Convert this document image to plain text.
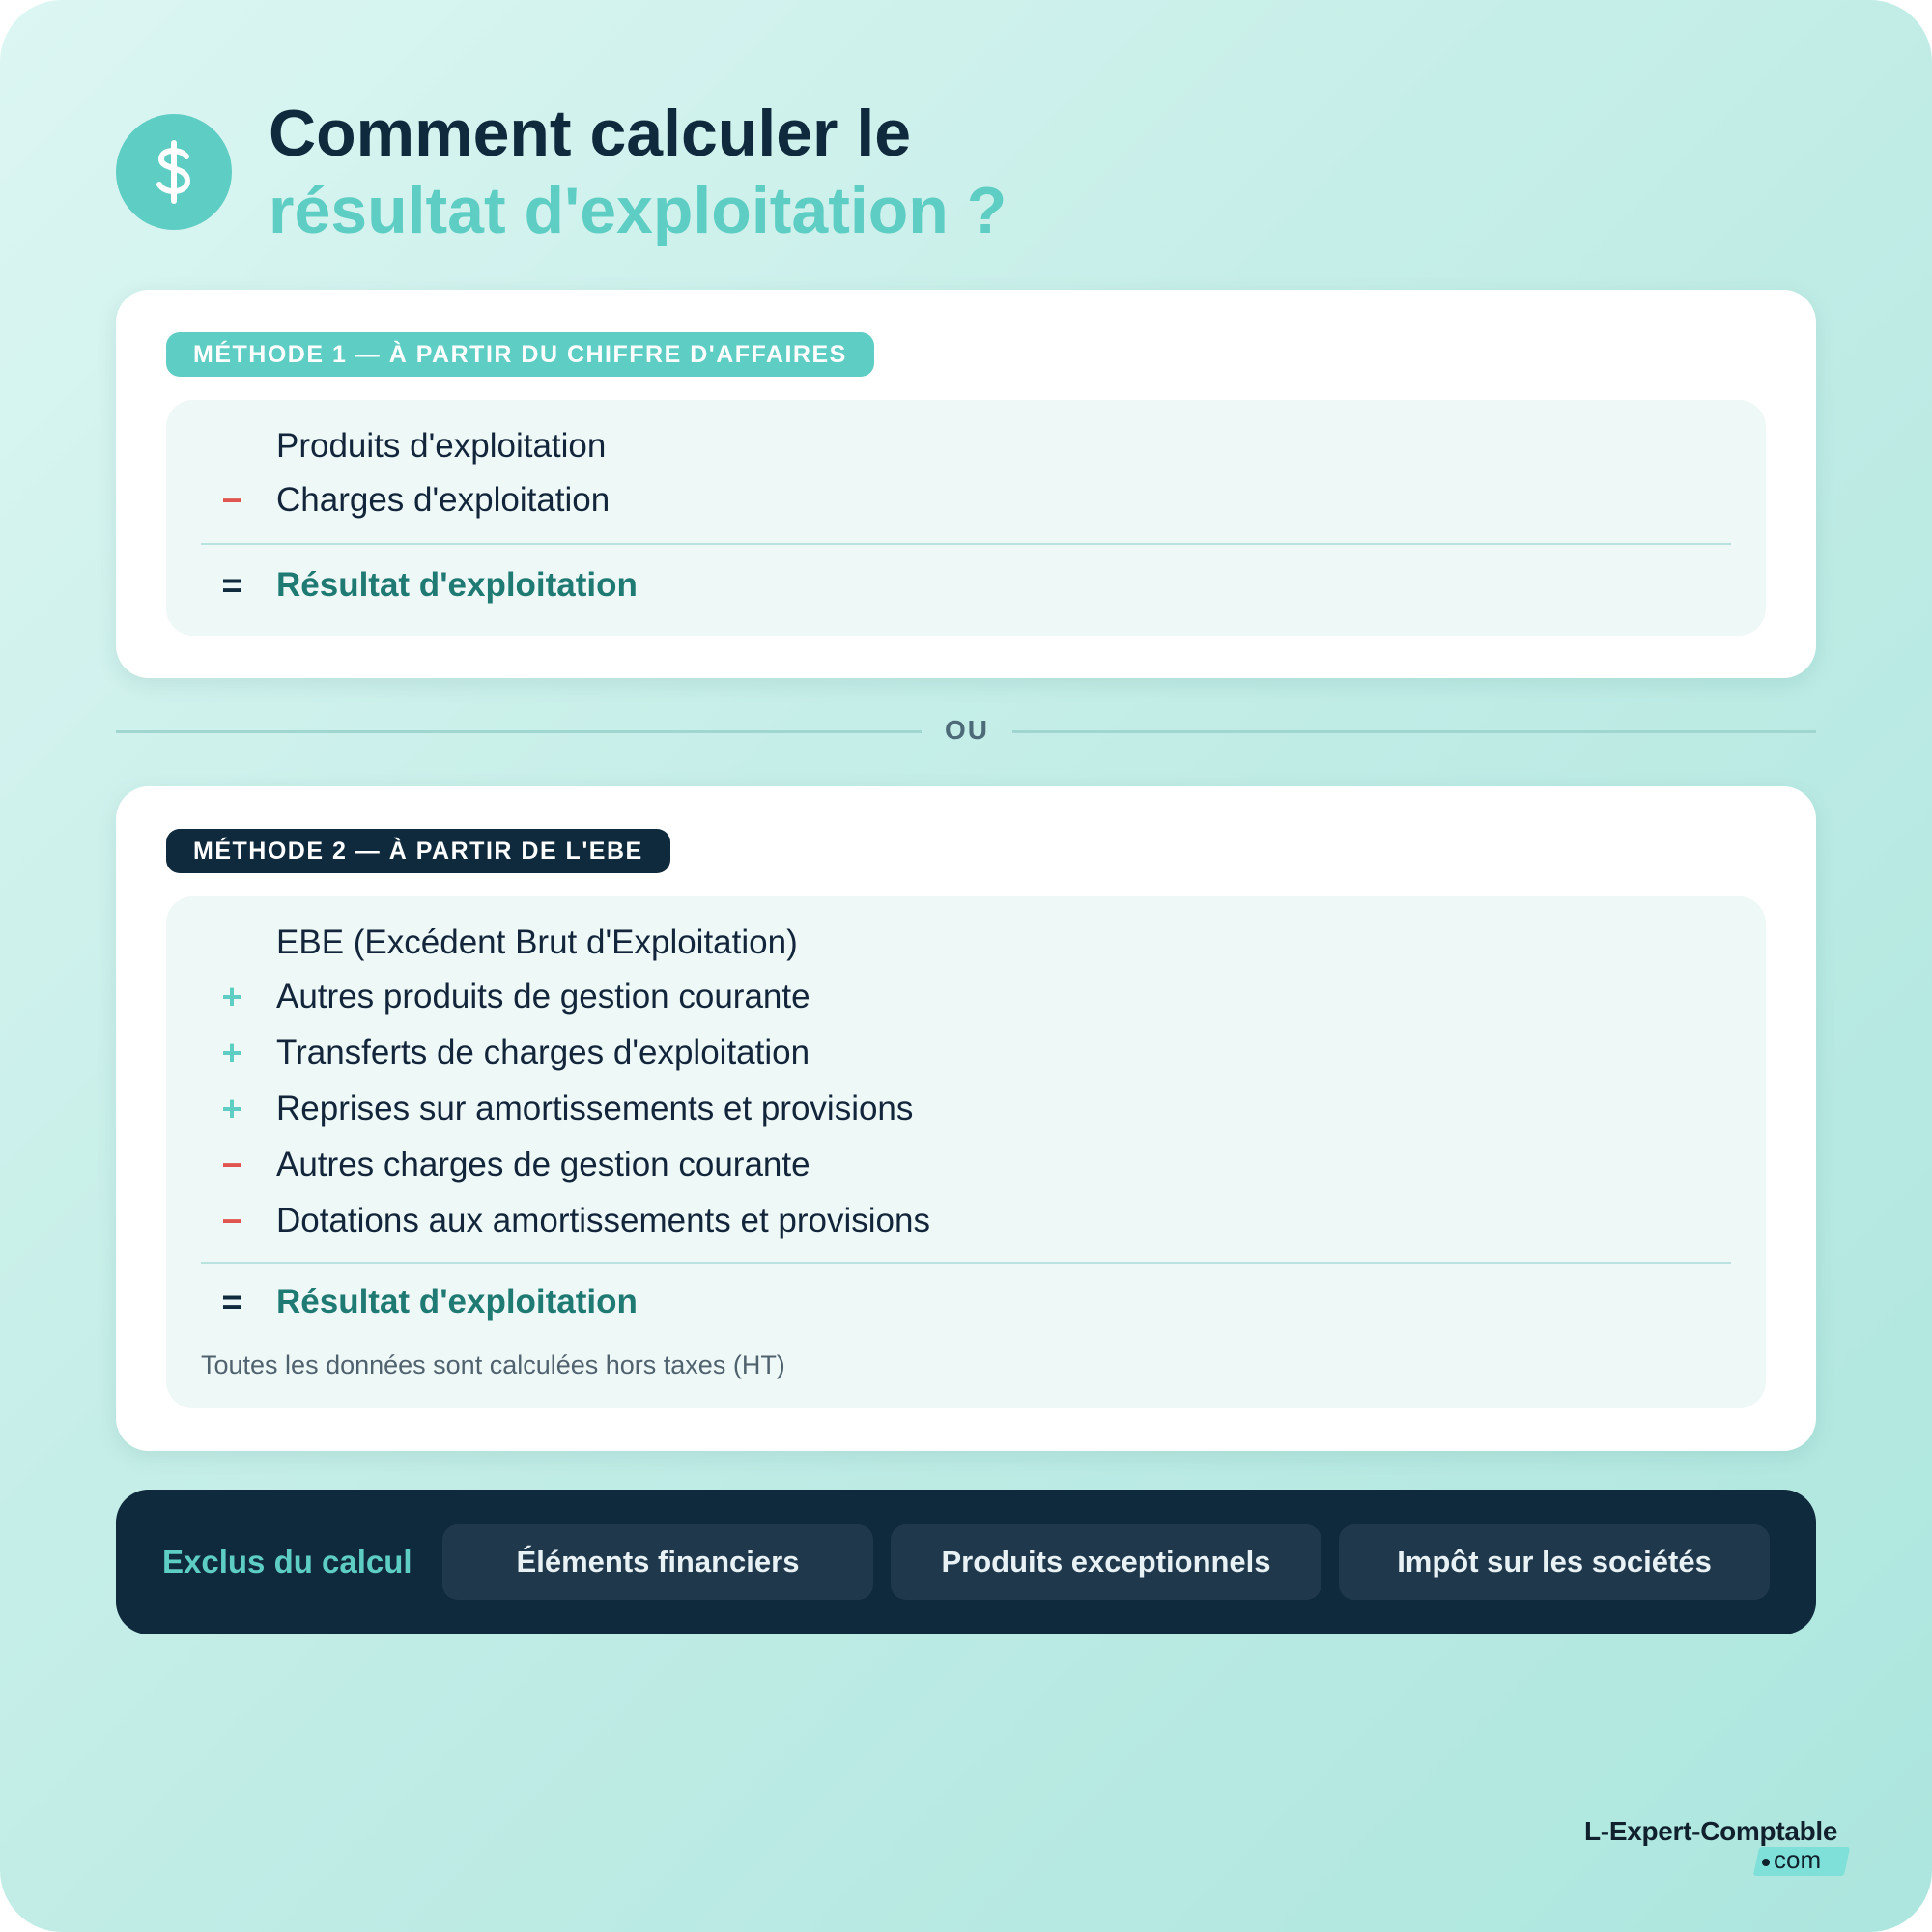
Comment calculer le
résultat d'exploitation ?
MÉTHODE 1 — À PARTIR DU CHIFFRE D'AFFAIRES
Produits d'exploitation
−	Charges d'exploitation
=	Résultat d'exploitation
OU
MÉTHODE 2 — À PARTIR DE L'EBE
EBE (Excédent Brut d'Exploitation)
+	Autres produits de gestion courante
+	Transferts de charges d'exploitation
+	Reprises sur amortissements et provisions
−	Autres charges de gestion courante
−	Dotations aux amortissements et provisions
=	Résultat d'exploitation
Toutes les données sont calculées hors taxes (HT)
Exclus du calcul	Éléments financiers	Produits exceptionnels	Impôt sur les sociétés
L-Expert-Comptable
com
